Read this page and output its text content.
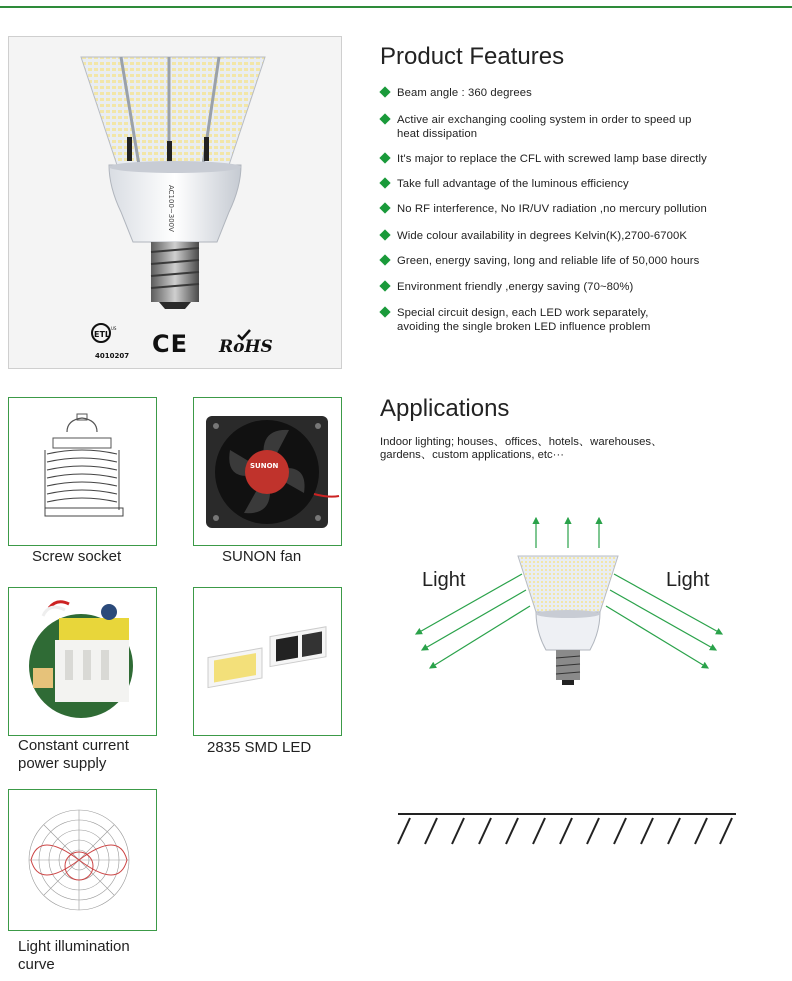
AC100~300V
ETL
US
4010207 CE RoHS
Product Features
Beam angle : 360 degrees
Active air exchanging cooling system in order to speed up
heat dissipation
It's major to replace the CFL with screwed lamp base directly
Take full advantage of the luminous efficiency
No RF interference, No IR/UV radiation ,no mercury pollution
Wide colour availability in degrees Kelvin(K),2700-6700K
Green, energy saving, long and reliable life of 50,000 hours
Environment friendly ,energy saving (70~80%)
Special circuit design, each LED work separately,
avoiding the single broken LED influence problem
Screw socket
SUNON
SUNON fan
Constant current
power supply
2835 SMD LED
Light illumination
curve
Applications
Indoor lighting; houses、offices、hotels、warehouses、
gardens、custom applications, etc···
Light	Light
